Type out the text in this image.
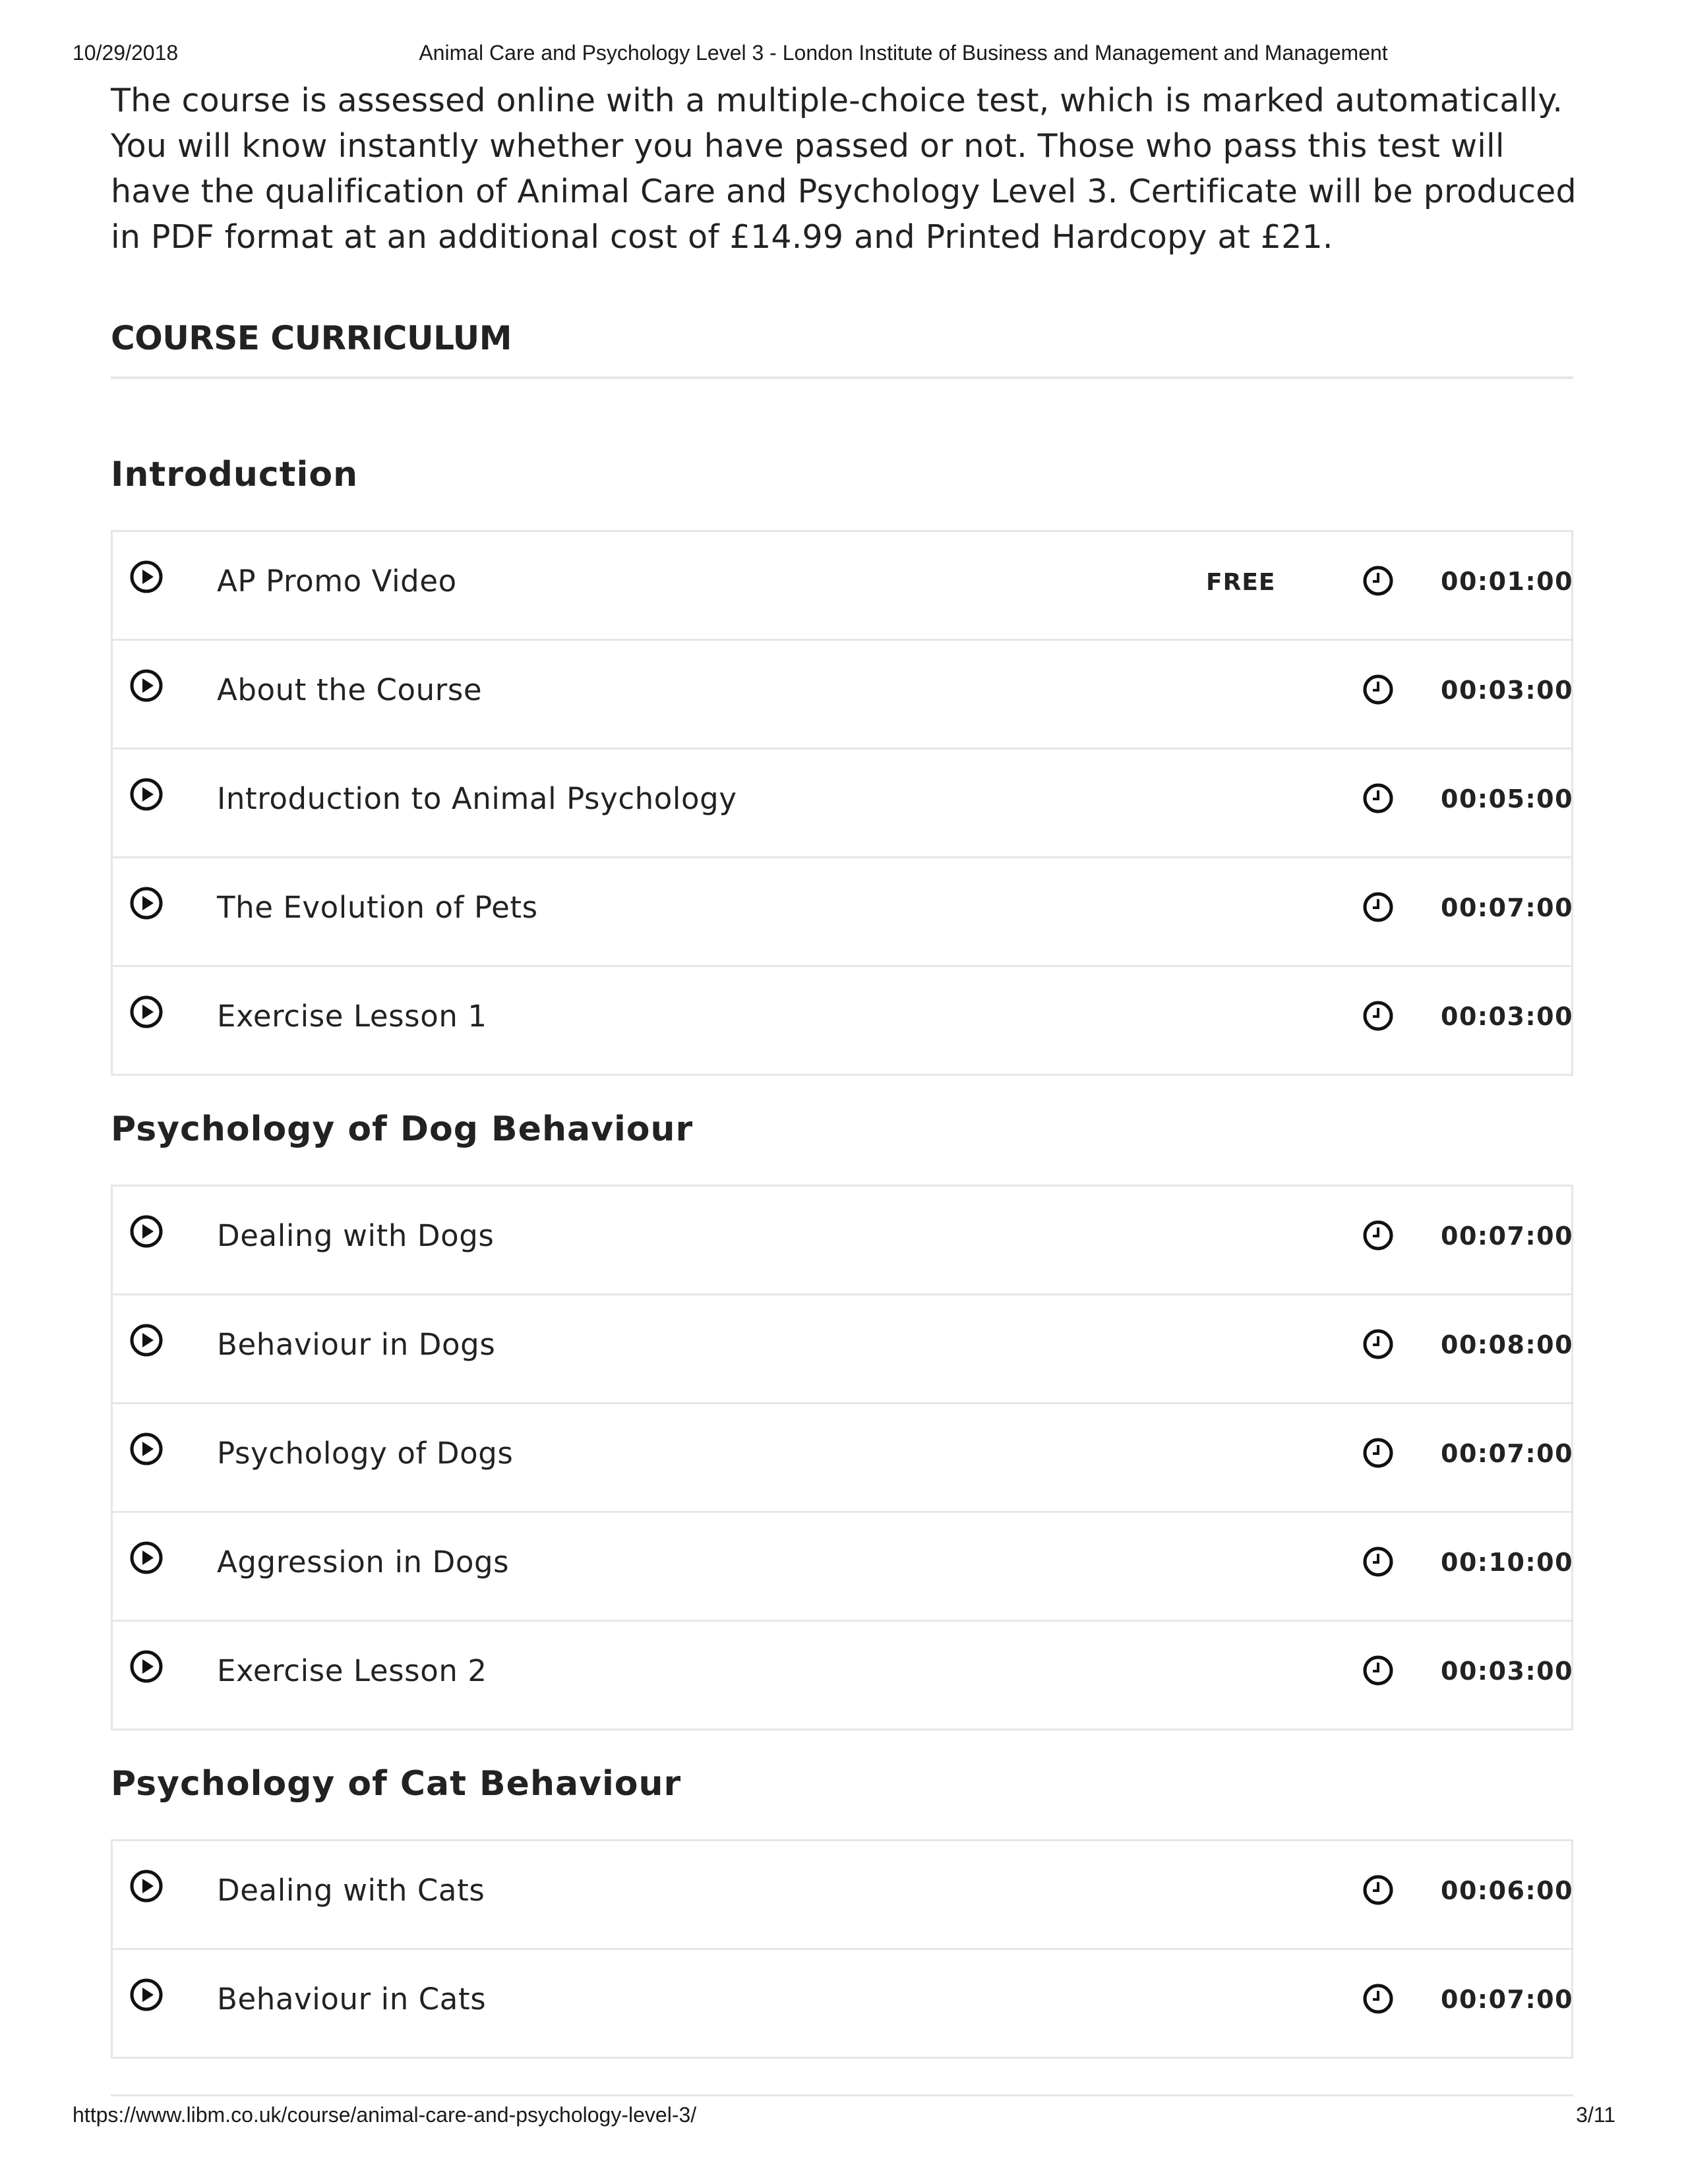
10/29/2018	Animal Care and Psychology Level 3 - London Institute of Business and Management and Management

The course is assessed online with a multiple-choice test, which is marked automatically. You will know instantly whether you have passed or not. Those who pass this test will have the qualification of Animal Care and Psychology Level 3. Certificate will be produced in PDF format at an additional cost of £14.99 and Printed Hardcopy at £21.

COURSE CURRICULUM
Introduction
AP Promo Video	FREE	00:01:00
About the Course	00:03:00
Introduction to Animal Psychology	00:05:00
The Evolution of Pets	00:07:00
Exercise Lesson 1	00:03:00
Psychology of Dog Behaviour
Dealing with Dogs	00:07:00
Behaviour in Dogs	00:08:00
Psychology of Dogs	00:07:00
Aggression in Dogs	00:10:00
Exercise Lesson 2	00:03:00
Psychology of Cat Behaviour
Dealing with Cats	00:06:00
Behaviour in Cats	00:07:00
https://www.libm.co.uk/course/animal-care-and-psychology-level-3/	3/11
